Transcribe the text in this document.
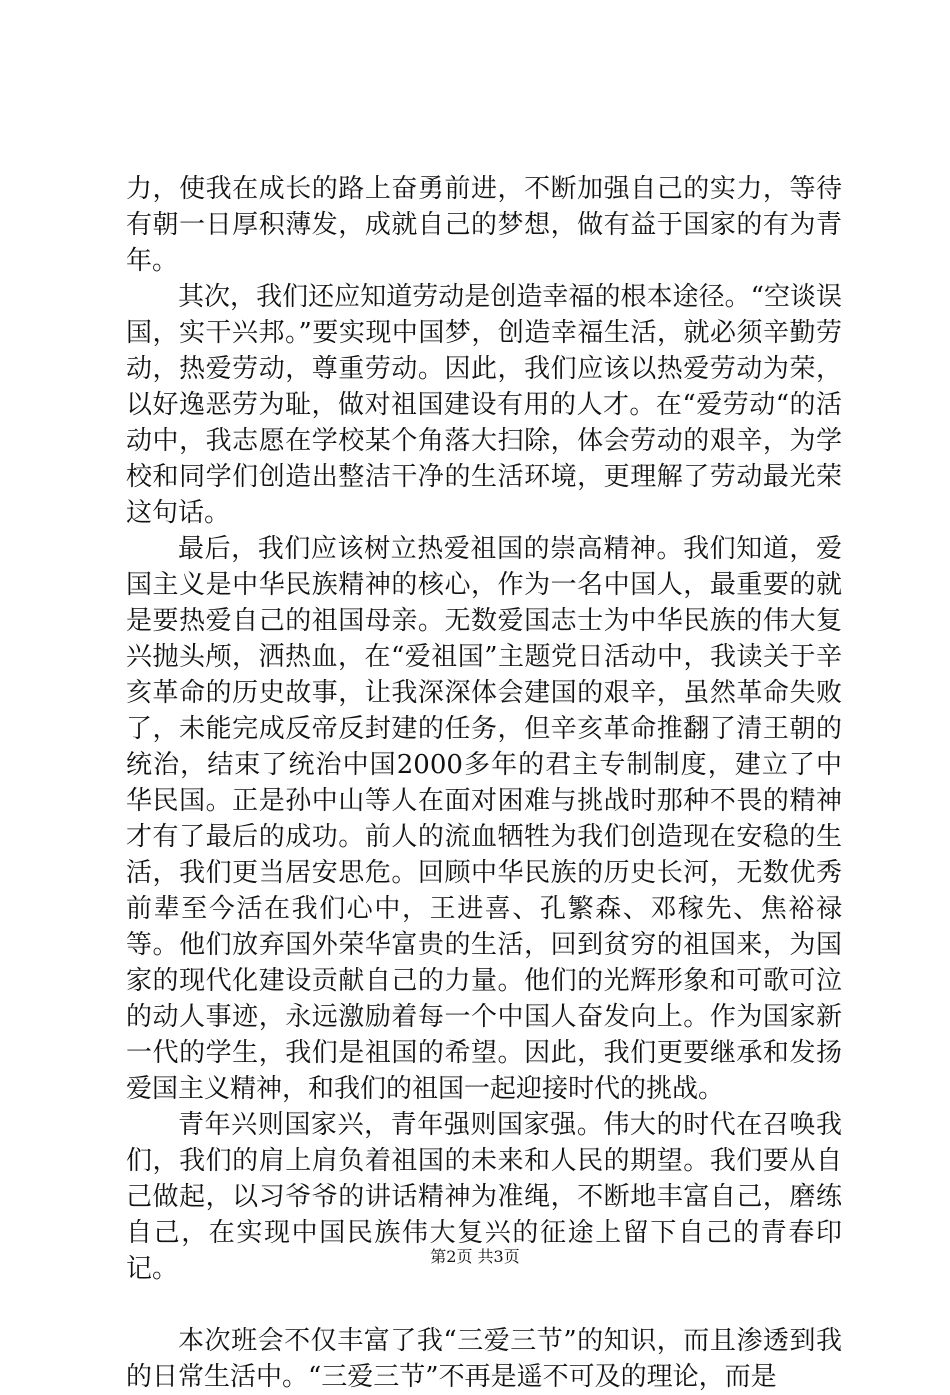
力，使我在成长的路上奋勇前进，不断加强自己的实力，等待有朝一日厚积薄发，成就自己的梦想，做有益于国家的有为青年。

其次，我们还应知道劳动是创造幸福的根本途径。“空谈误国，实干兴邦。”要实现中国梦，创造幸福生活，就必须辛勤劳动，热爱劳动，尊重劳动。因此，我们应该以热爱劳动为荣，以好逸恶劳为耻，做对祖国建设有用的人才。在“爱劳动“的活动中，我志愿在学校某个角落大扫除，体会劳动的艰辛，为学校和同学们创造出整洁干净的生活环境，更理解了劳动最光荣这句话。

最后，我们应该树立热爱祖国的崇高精神。我们知道，爱国主义是中华民族精神的核心，作为一名中国人，最重要的就是要热爱自己的祖国母亲。无数爱国志士为中华民族的伟大复兴抛头颅，洒热血，在“爱祖国”主题党日活动中，我读关于辛亥革命的历史故事，让我深深体会建国的艰辛，虽然革命失败了，未能完成反帝反封建的任务，但辛亥革命推翻了清王朝的统治，结束了统治中国2000多年的君主专制制度，建立了中华民国。正是孙中山等人在面对困难与挑战时那种不畏的精神才有了最后的成功。前人的流血牺牲为我们创造现在安稳的生活，我们更当居安思危。回顾中华民族的历史长河，无数优秀前辈至今活在我们心中，王进喜、孔繁森、邓稼先、焦裕禄等。他们放弃国外荣华富贵的生活，回到贫穷的祖国来，为国家的现代化建设贡献自己的力量。他们的光辉形象和可歌可泣的动人事迹，永远激励着每一个中国人奋发向上。作为国家新一代的学生，我们是祖国的希望。因此，我们更要继承和发扬爱国主义精神，和我们的祖国一起迎接时代的挑战。

青年兴则国家兴，青年强则国家强。伟大的时代在召唤我们，我们的肩上肩负着祖国的未来和人民的期望。我们要从自己做起，以习爷爷的讲话精神为准绳，不断地丰富自己，磨练自己，在实现中国民族伟大复兴的征途上留下自己的青春印记。

本次班会不仅丰富了我“三爱三节”的知识，而且渗透到我的日常生活中。“三爱三节”不再是遥不可及的理论，而是

第2页 共3页
